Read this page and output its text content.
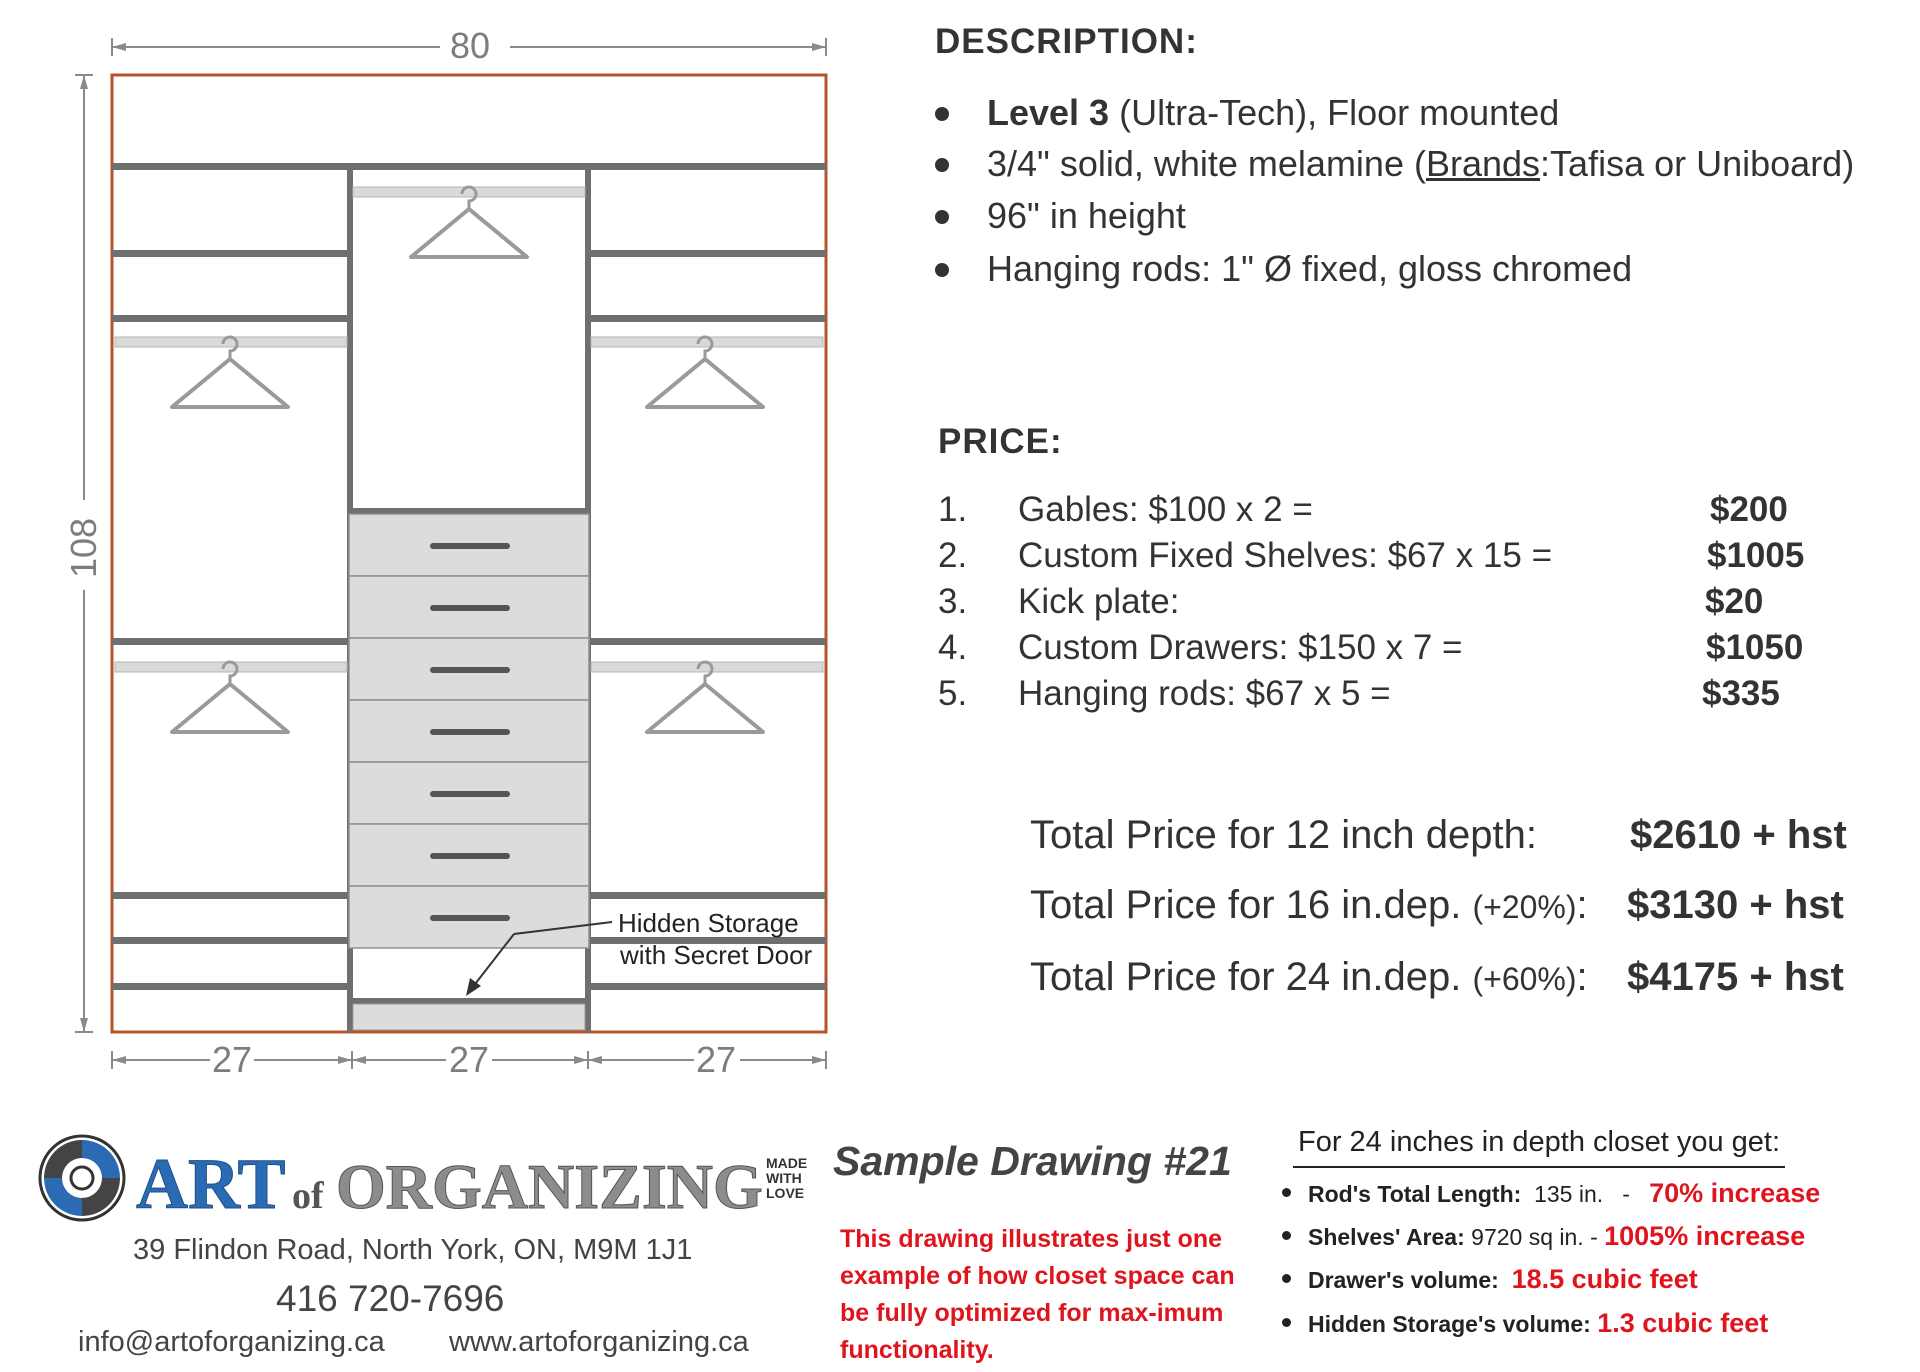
80
108
Hidden Storage
with Secret Door
27	27	27
DESCRIPTION:
Level 3 (Ultra-Tech), Floor mounted
3/4" solid, white melamine (Brands:Tafisa or Uniboard)
96" in height
Hanging rods: 1" Ø fixed, gloss chromed
PRICE:
1. Gables: $100 x 2 =	$200
2. Custom Fixed Shelves: $67 x 15 =	$1005
3. Kick plate:	$20
4. Custom Drawers: $150 x 7 =	$1050
5. Hanging rods: $67 x 5 =	$335
Total Price for 12 inch depth: $2610 + hst
Total Price for 16 in.dep. (+20%): $3130 + hst
Total Price for 24 in.dep. (+60%): $4175 + hst
ART of ORGANIZING MADE
WITH
LOVE
39 Flindon Road, North York, ON, M9M 1J1
416 720-7696
info@artoforganizing.ca www.artoforganizing.ca
Sample Drawing #21
This drawing illustrates just one example of how closet space can be fully optimized for max-imum functionality.
For 24 inches in depth closet you get:
Rod's Total Length:  135 in.   -   70% increase
Shelves' Area: 9720 sq in. - 1005% increase
Drawer's volume: 18.5 cubic feet
Hidden Storage's volume: 1.3 cubic feet
